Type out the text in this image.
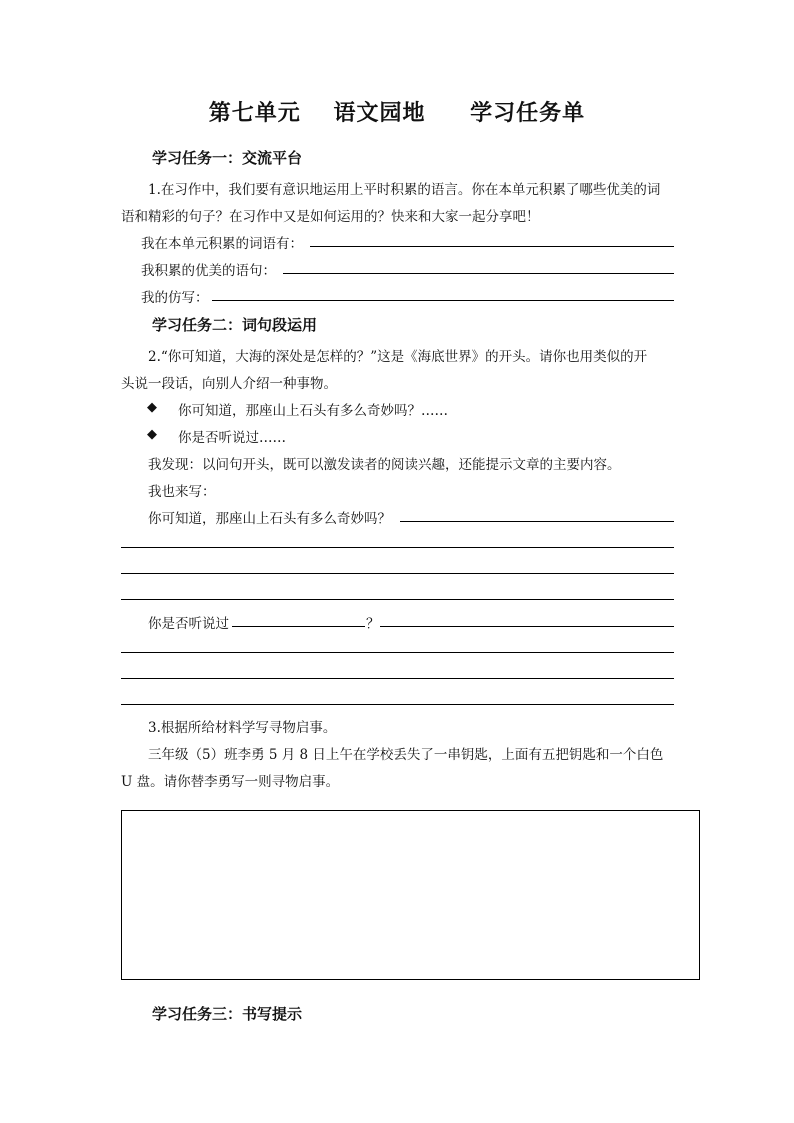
第七单元 语文园地 学习任务单
学习任务一：交流平台
1.在习作中，我们要有意识地运用上平时积累的语言。你在本单元积累了哪些优美的词
语和精彩的句子？在习作中又是如何运用的？快来和大家一起分享吧！
我在本单元积累的词语有：
我积累的优美的语句：
我的仿写：
学习任务二：词句段运用
2.“你可知道，大海的深处是怎样的？”这是《海底世界》的开头。请你也用类似的开
头说一段话，向别人介绍一种事物。
◆ 你可知道，那座山上石头有多么奇妙吗？……
◆ 你是否听说过……
我发现：以问句开头，既可以激发读者的阅读兴趣，还能提示文章的主要内容。
我也来写：
你可知道，那座山上石头有多么奇妙吗？
你是否听说过	？
3.根据所给材料学写寻物启事。
三年级（5）班李勇 5 月 8 日上午在学校丢失了一串钥匙，上面有五把钥匙和一个白色
U 盘。请你替李勇写一则寻物启事。
学习任务三：书写提示
